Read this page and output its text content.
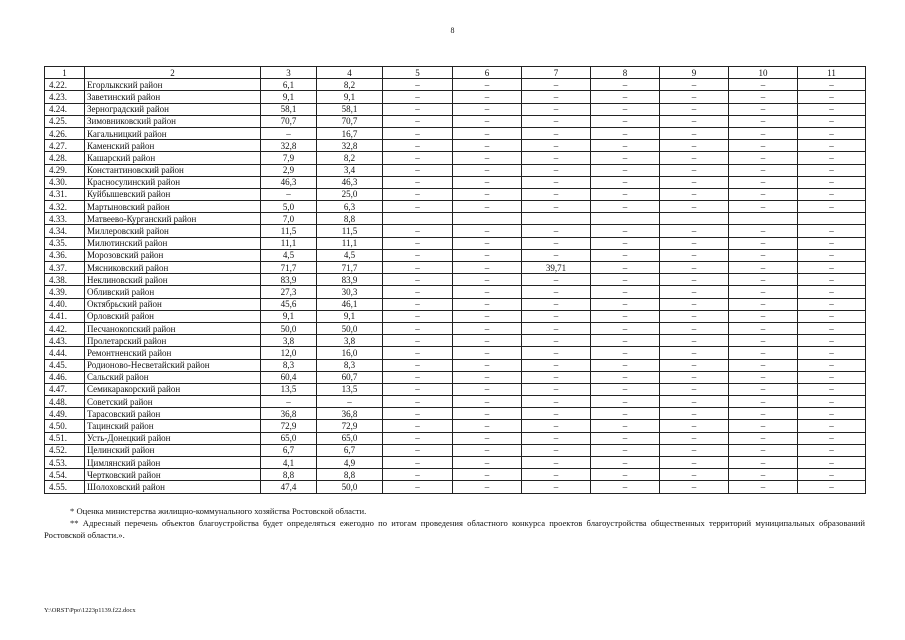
8
1	2	3	4	5	6	7	8	9	10	11
4.22.	Егорлыкский район	6,1	8,2	–	–	–	–	–	–	–
4.23.	Заветинский район	9,1	9,1	–	–	–	–	–	–	–
4.24.	Зерноградский район	58,1	58,1	–	–	–	–	–	–	–
4.25.	Зимовниковский район	70,7	70,7	–	–	–	–	–	–	–
4.26.	Кагальницкий район	–	16,7	–	–	–	–	–	–	–
4.27.	Каменский район	32,8	32,8	–	–	–	–	–	–	–
4.28.	Кашарский район	7,9	8,2	–	–	–	–	–	–	–
4.29.	Константиновский район	2,9	3,4	–	–	–	–	–	–	–
4.30.	Красносулинский район	46,3	46,3	–	–	–	–	–	–	–
4.31.	Куйбышевский район	–	25,0	–	–	–	–	–	–	–
4.32.	Мартыновский район	5,0	6,3	–	–	–	–	–	–	–
4.33.	Матвеево-Курганский район	7,0	8,8							
4.34.	Миллеровский район	11,5	11,5	–	–	–	–	–	–	–
4.35.	Милютинский район	11,1	11,1	–	–	–	–	–	–	–
4.36.	Морозовский район	4,5	4,5	–	–	–	–	–	–	–
4.37.	Мясниковский район	71,7	71,7	–	–	39,71	–	–	–	–
4.38.	Неклиновский район	83,9	83,9	–	–	–	–	–	–	–
4.39.	Обливский район	27,3	30,3	–	–	–	–	–	–	–
4.40.	Октябрьский район	45,6	46,1	–	–	–	–	–	–	–
4.41.	Орловский район	9,1	9,1	–	–	–	–	–	–	–
4.42.	Песчанокопский район	50,0	50,0	–	–	–	–	–	–	–
4.43.	Пролетарский район	3,8	3,8	–	–	–	–	–	–	–
4.44.	Ремонтненский район	12,0	16,0	–	–	–	–	–	–	–
4.45.	Родионово-Несветайский район	8,3	8,3	–	–	–	–	–	–	–
4.46.	Сальский район	60,4	60,7	–	–	–	–	–	–	–
4.47.	Семикаракорский район	13,5	13,5	–	–	–	–	–	–	–
4.48.	Советский район	–	–	–	–	–	–	–	–	–
4.49.	Тарасовский район	36,8	36,8	–	–	–	–	–	–	–
4.50.	Тацинский район	72,9	72,9	–	–	–	–	–	–	–
4.51.	Усть-Донецкий район	65,0	65,0	–	–	–	–	–	–	–
4.52.	Целинский район	6,7	6,7	–	–	–	–	–	–	–
4.53.	Цимлянский район	4,1	4,9	–	–	–	–	–	–	–
4.54.	Чертковский район	8,8	8,8	–	–	–	–	–	–	–
4.55.	Шолоховский район	47,4	50,0	–	–	–	–	–	–	–

* Оценка министерства жилищно-коммунального хозяйства Ростовской области.

** Адресный перечень объектов благоустройства будет определяться ежегодно по итогам проведения областного конкурса проектов благоустройства общественных территорий муниципальных образований Ростовской области.».

Y:\ORST\Ppo\1223p1139.f22.docx
